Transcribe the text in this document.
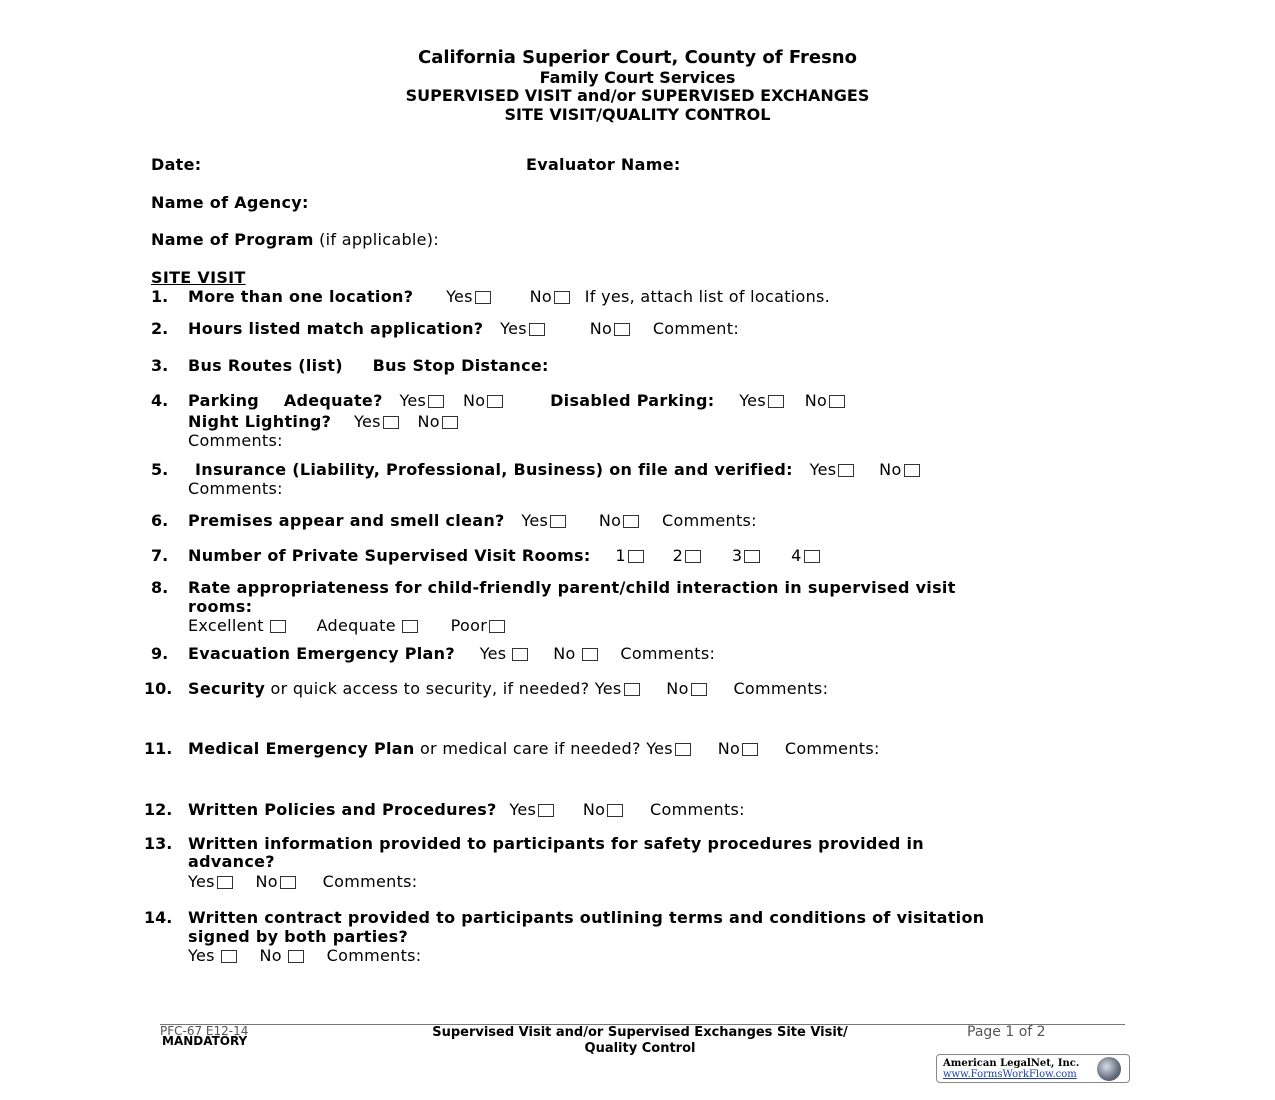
California Superior Court, County of Fresno
Family Court Services
SUPERVISED VISIT and/or SUPERVISED EXCHANGES
SITE VISIT/QUALITY CONTROL
Date:	Evaluator Name:
Name of Agency:
Name of Program (if applicable):
SITE VISIT
1. More than one location? Yes	No If yes, attach list of locations.
2. Hours listed match application? Yes	No	Comment:
3. Bus Routes (list) Bus Stop Distance:
4. Parking Adequate? Yes No	Disabled Parking: Yes No
Night Lighting? Yes No
Comments:
5. Insurance (Liability, Professional, Business) on file and verified: Yes	No
Comments:
6. Premises appear and smell clean? Yes	No	Comments:
7. Number of Private Supervised Visit Rooms: 1	2	3	4
8. Rate appropriateness for child-friendly parent/child interaction in supervised visit
rooms:
Excellent	Adequate	Poor
9. Evacuation Emergency Plan? Yes	No	Comments:
10. Security or quick access to security, if needed? Yes	No	Comments:
11. Medical Emergency Plan or medical care if needed? Yes	No	Comments:
12. Written Policies and Procedures? Yes	No	Comments:
13. Written information provided to participants for safety procedures provided in
advance?
Yes	No	Comments:
14. Written contract provided to participants outlining terms and conditions of visitation
signed by both parties?
Yes	No	Comments:
PFC-67 E12-14
MANDATORY
Supervised Visit and/or Supervised Exchanges Site Visit/
Quality Control
Page 1 of 2
American LegalNet, Inc.
www.FormsWorkFlow.com
